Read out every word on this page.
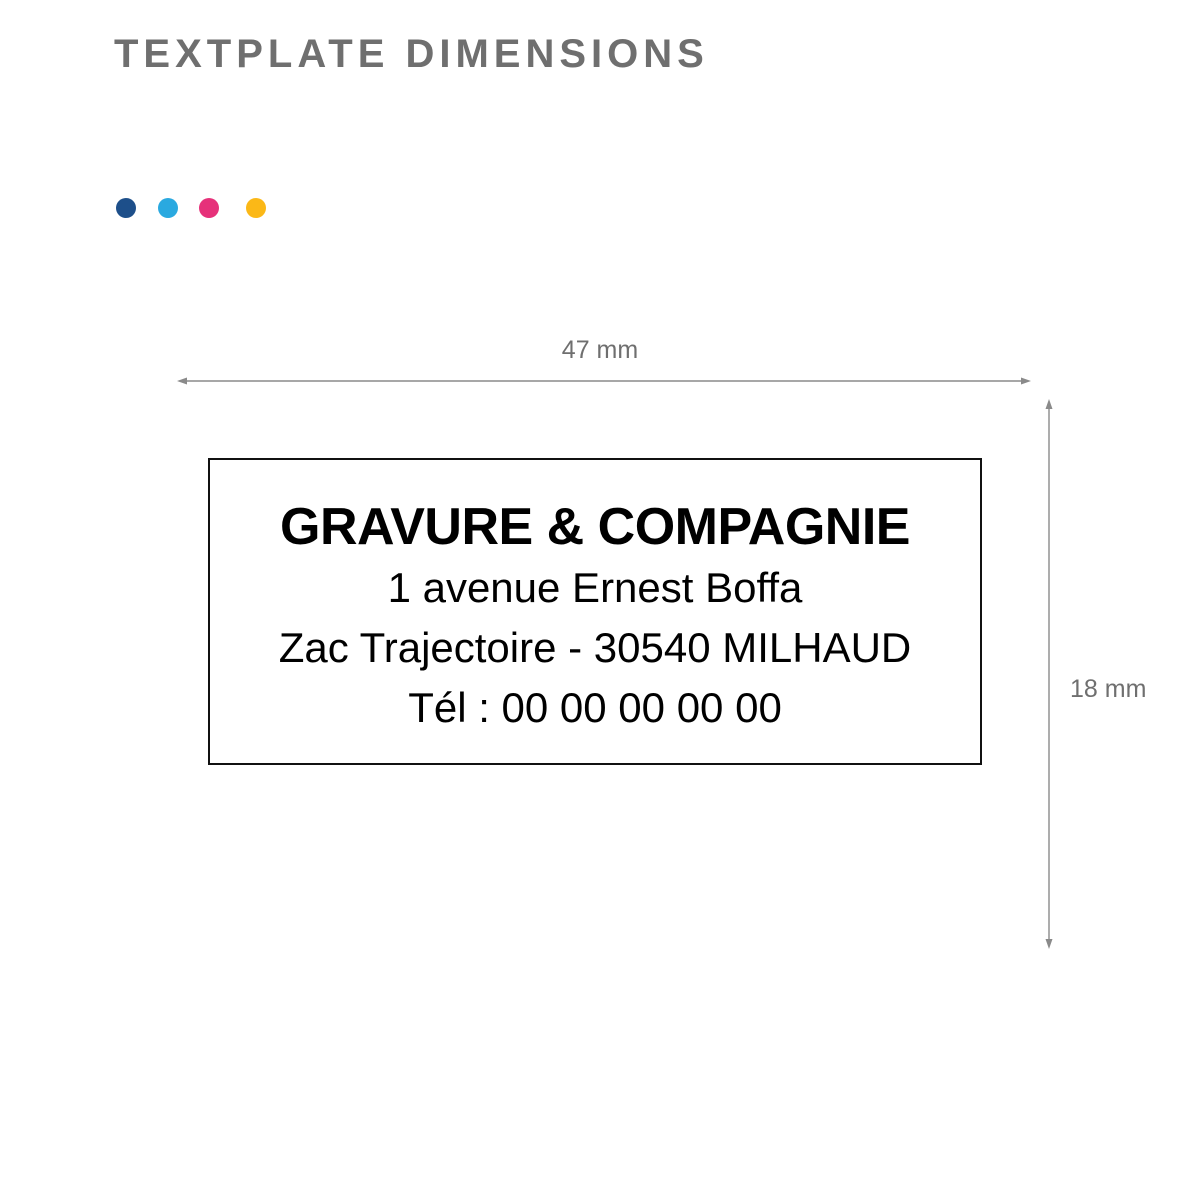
TEXTPLATE DIMENSIONS
47 mm
18 mm
GRAVURE & COMPAGNIE
1 avenue Ernest Boffa
Zac Trajectoire - 30540 MILHAUD
Tél : 00 00 00 00 00
